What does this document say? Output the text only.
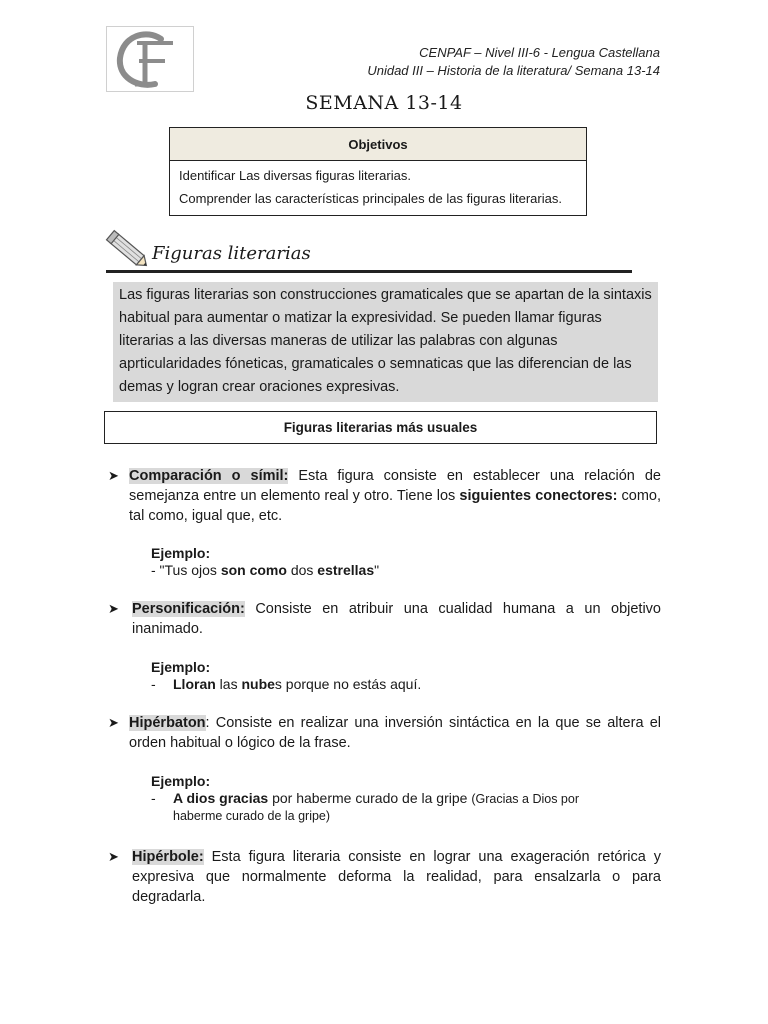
CENPAF – Nivel III-6 - Lengua Castellana
Unidad III – Historia de la literatura/ Semana 13-14
SEMANA 13-14
Objetivos

Identificar Las diversas figuras literarias.

Comprender las características principales de las figuras literarias.

Figuras literarias
Las figuras literarias son construcciones gramaticales que se apartan de la sintaxis habitual para aumentar o matizar la expresividad. Se pueden llamar figuras literarias a las diversas maneras de utilizar las palabras con algunas aprticularidades fóneticas, gramaticales o semnaticas que las diferencian de las demas y logran crear oraciones expresivas.
Figuras literarias más usuales
➤ Comparación o símil: Esta figura consiste en establecer una relación de semejanza entre un elemento real y otro. Tiene los siguientes conectores: como, tal como, igual que, etc.
Ejemplo:
- "Tus ojos son como dos estrellas"
➤ Personificación: Consiste en atribuir una cualidad humana a un objetivo inanimado.
Ejemplo:
- Lloran las nubes porque no estás aquí.
➤ Hipérbaton: Consiste en realizar una inversión sintáctica en la que se altera el orden habitual o lógico de la frase.
Ejemplo:
- A dios gracias por haberme curado de la gripe (Gracias a Dios por
haberme curado de la gripe)
➤ Hipérbole: Esta figura literaria consiste en lograr una exageración retórica y expresiva que normalmente deforma la realidad, para ensalzarla o para degradarla.
